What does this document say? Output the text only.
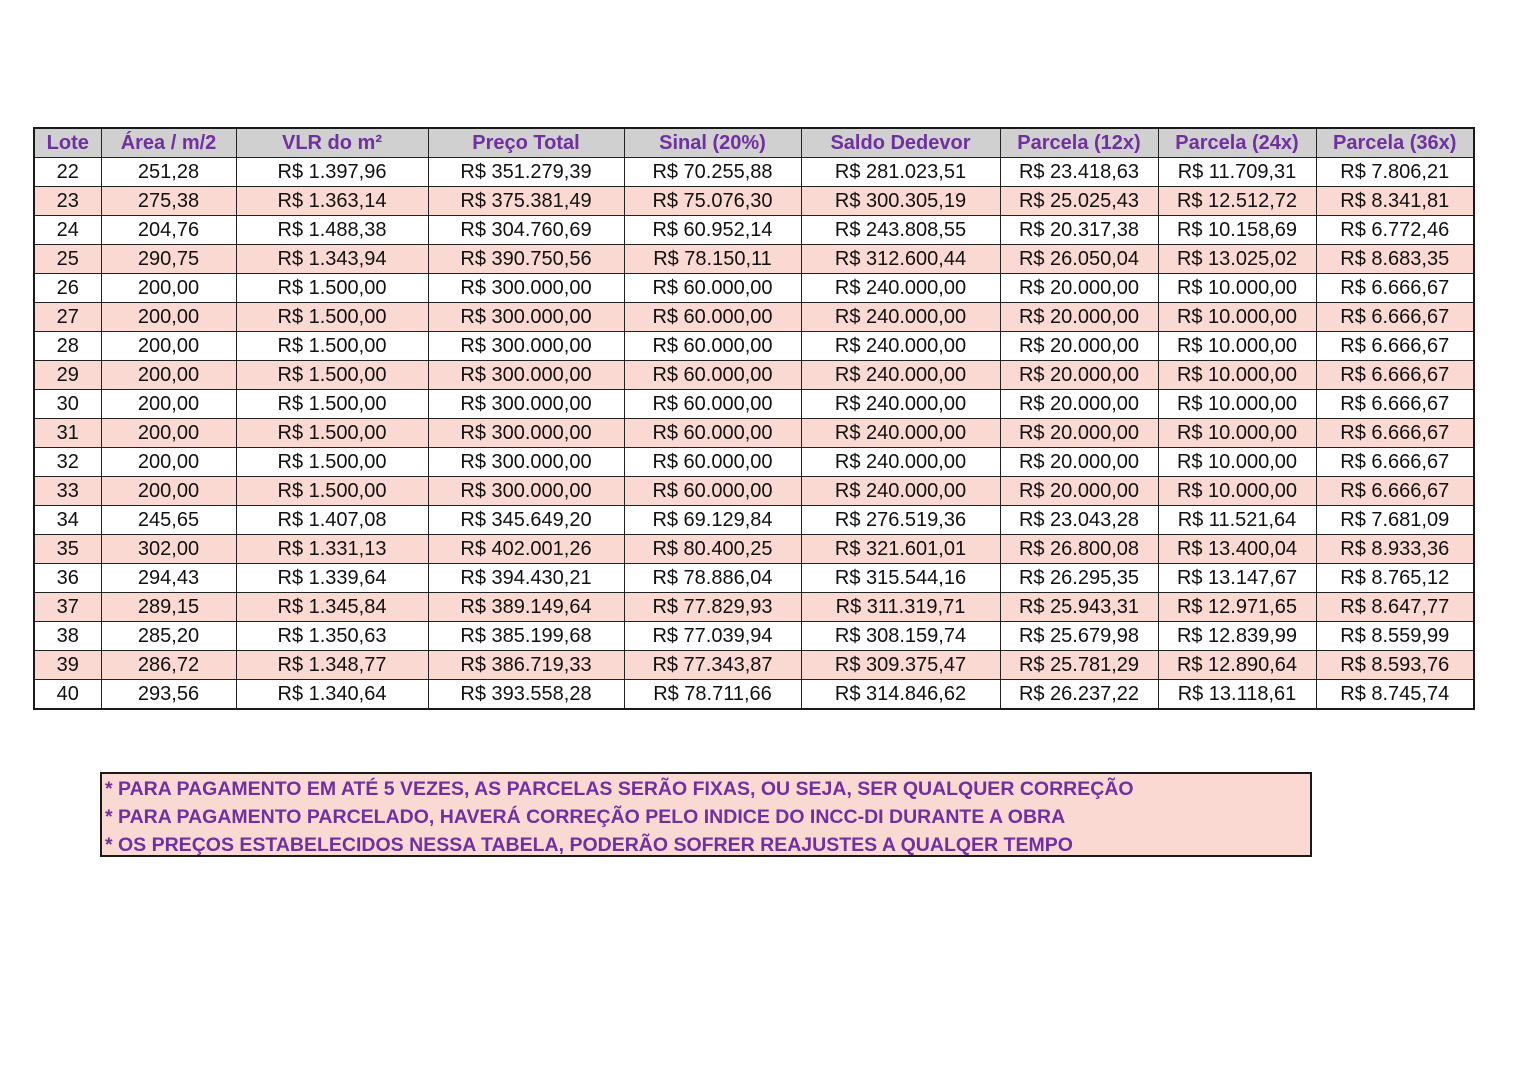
Lote	Área / m/2	VLR do m²	Preço Total	Sinal (20%)	Saldo Dedevor	Parcela (12x)	Parcela (24x)	Parcela (36x)
22	251,28	R$ 1.397,96	R$ 351.279,39	R$ 70.255,88	R$ 281.023,51	R$ 23.418,63	R$ 11.709,31	R$ 7.806,21
23	275,38	R$ 1.363,14	R$ 375.381,49	R$ 75.076,30	R$ 300.305,19	R$ 25.025,43	R$ 12.512,72	R$ 8.341,81
24	204,76	R$ 1.488,38	R$ 304.760,69	R$ 60.952,14	R$ 243.808,55	R$ 20.317,38	R$ 10.158,69	R$ 6.772,46
25	290,75	R$ 1.343,94	R$ 390.750,56	R$ 78.150,11	R$ 312.600,44	R$ 26.050,04	R$ 13.025,02	R$ 8.683,35
26	200,00	R$ 1.500,00	R$ 300.000,00	R$ 60.000,00	R$ 240.000,00	R$ 20.000,00	R$ 10.000,00	R$ 6.666,67
27	200,00	R$ 1.500,00	R$ 300.000,00	R$ 60.000,00	R$ 240.000,00	R$ 20.000,00	R$ 10.000,00	R$ 6.666,67
28	200,00	R$ 1.500,00	R$ 300.000,00	R$ 60.000,00	R$ 240.000,00	R$ 20.000,00	R$ 10.000,00	R$ 6.666,67
29	200,00	R$ 1.500,00	R$ 300.000,00	R$ 60.000,00	R$ 240.000,00	R$ 20.000,00	R$ 10.000,00	R$ 6.666,67
30	200,00	R$ 1.500,00	R$ 300.000,00	R$ 60.000,00	R$ 240.000,00	R$ 20.000,00	R$ 10.000,00	R$ 6.666,67
31	200,00	R$ 1.500,00	R$ 300.000,00	R$ 60.000,00	R$ 240.000,00	R$ 20.000,00	R$ 10.000,00	R$ 6.666,67
32	200,00	R$ 1.500,00	R$ 300.000,00	R$ 60.000,00	R$ 240.000,00	R$ 20.000,00	R$ 10.000,00	R$ 6.666,67
33	200,00	R$ 1.500,00	R$ 300.000,00	R$ 60.000,00	R$ 240.000,00	R$ 20.000,00	R$ 10.000,00	R$ 6.666,67
34	245,65	R$ 1.407,08	R$ 345.649,20	R$ 69.129,84	R$ 276.519,36	R$ 23.043,28	R$ 11.521,64	R$ 7.681,09
35	302,00	R$ 1.331,13	R$ 402.001,26	R$ 80.400,25	R$ 321.601,01	R$ 26.800,08	R$ 13.400,04	R$ 8.933,36
36	294,43	R$ 1.339,64	R$ 394.430,21	R$ 78.886,04	R$ 315.544,16	R$ 26.295,35	R$ 13.147,67	R$ 8.765,12
37	289,15	R$ 1.345,84	R$ 389.149,64	R$ 77.829,93	R$ 311.319,71	R$ 25.943,31	R$ 12.971,65	R$ 8.647,77
38	285,20	R$ 1.350,63	R$ 385.199,68	R$ 77.039,94	R$ 308.159,74	R$ 25.679,98	R$ 12.839,99	R$ 8.559,99
39	286,72	R$ 1.348,77	R$ 386.719,33	R$ 77.343,87	R$ 309.375,47	R$ 25.781,29	R$ 12.890,64	R$ 8.593,76
40	293,56	R$ 1.340,64	R$ 393.558,28	R$ 78.711,66	R$ 314.846,62	R$ 26.237,22	R$ 13.118,61	R$ 8.745,74
* PARA PAGAMENTO EM ATÉ 5 VEZES, AS PARCELAS SERÃO FIXAS, OU SEJA, SER QUALQUER CORREÇÃO
* PARA PAGAMENTO PARCELADO, HAVERÁ CORREÇÃO PELO INDICE DO INCC-DI DURANTE A OBRA
* OS PREÇOS ESTABELECIDOS NESSA TABELA, PODERÃO SOFRER REAJUSTES A QUALQER TEMPO
